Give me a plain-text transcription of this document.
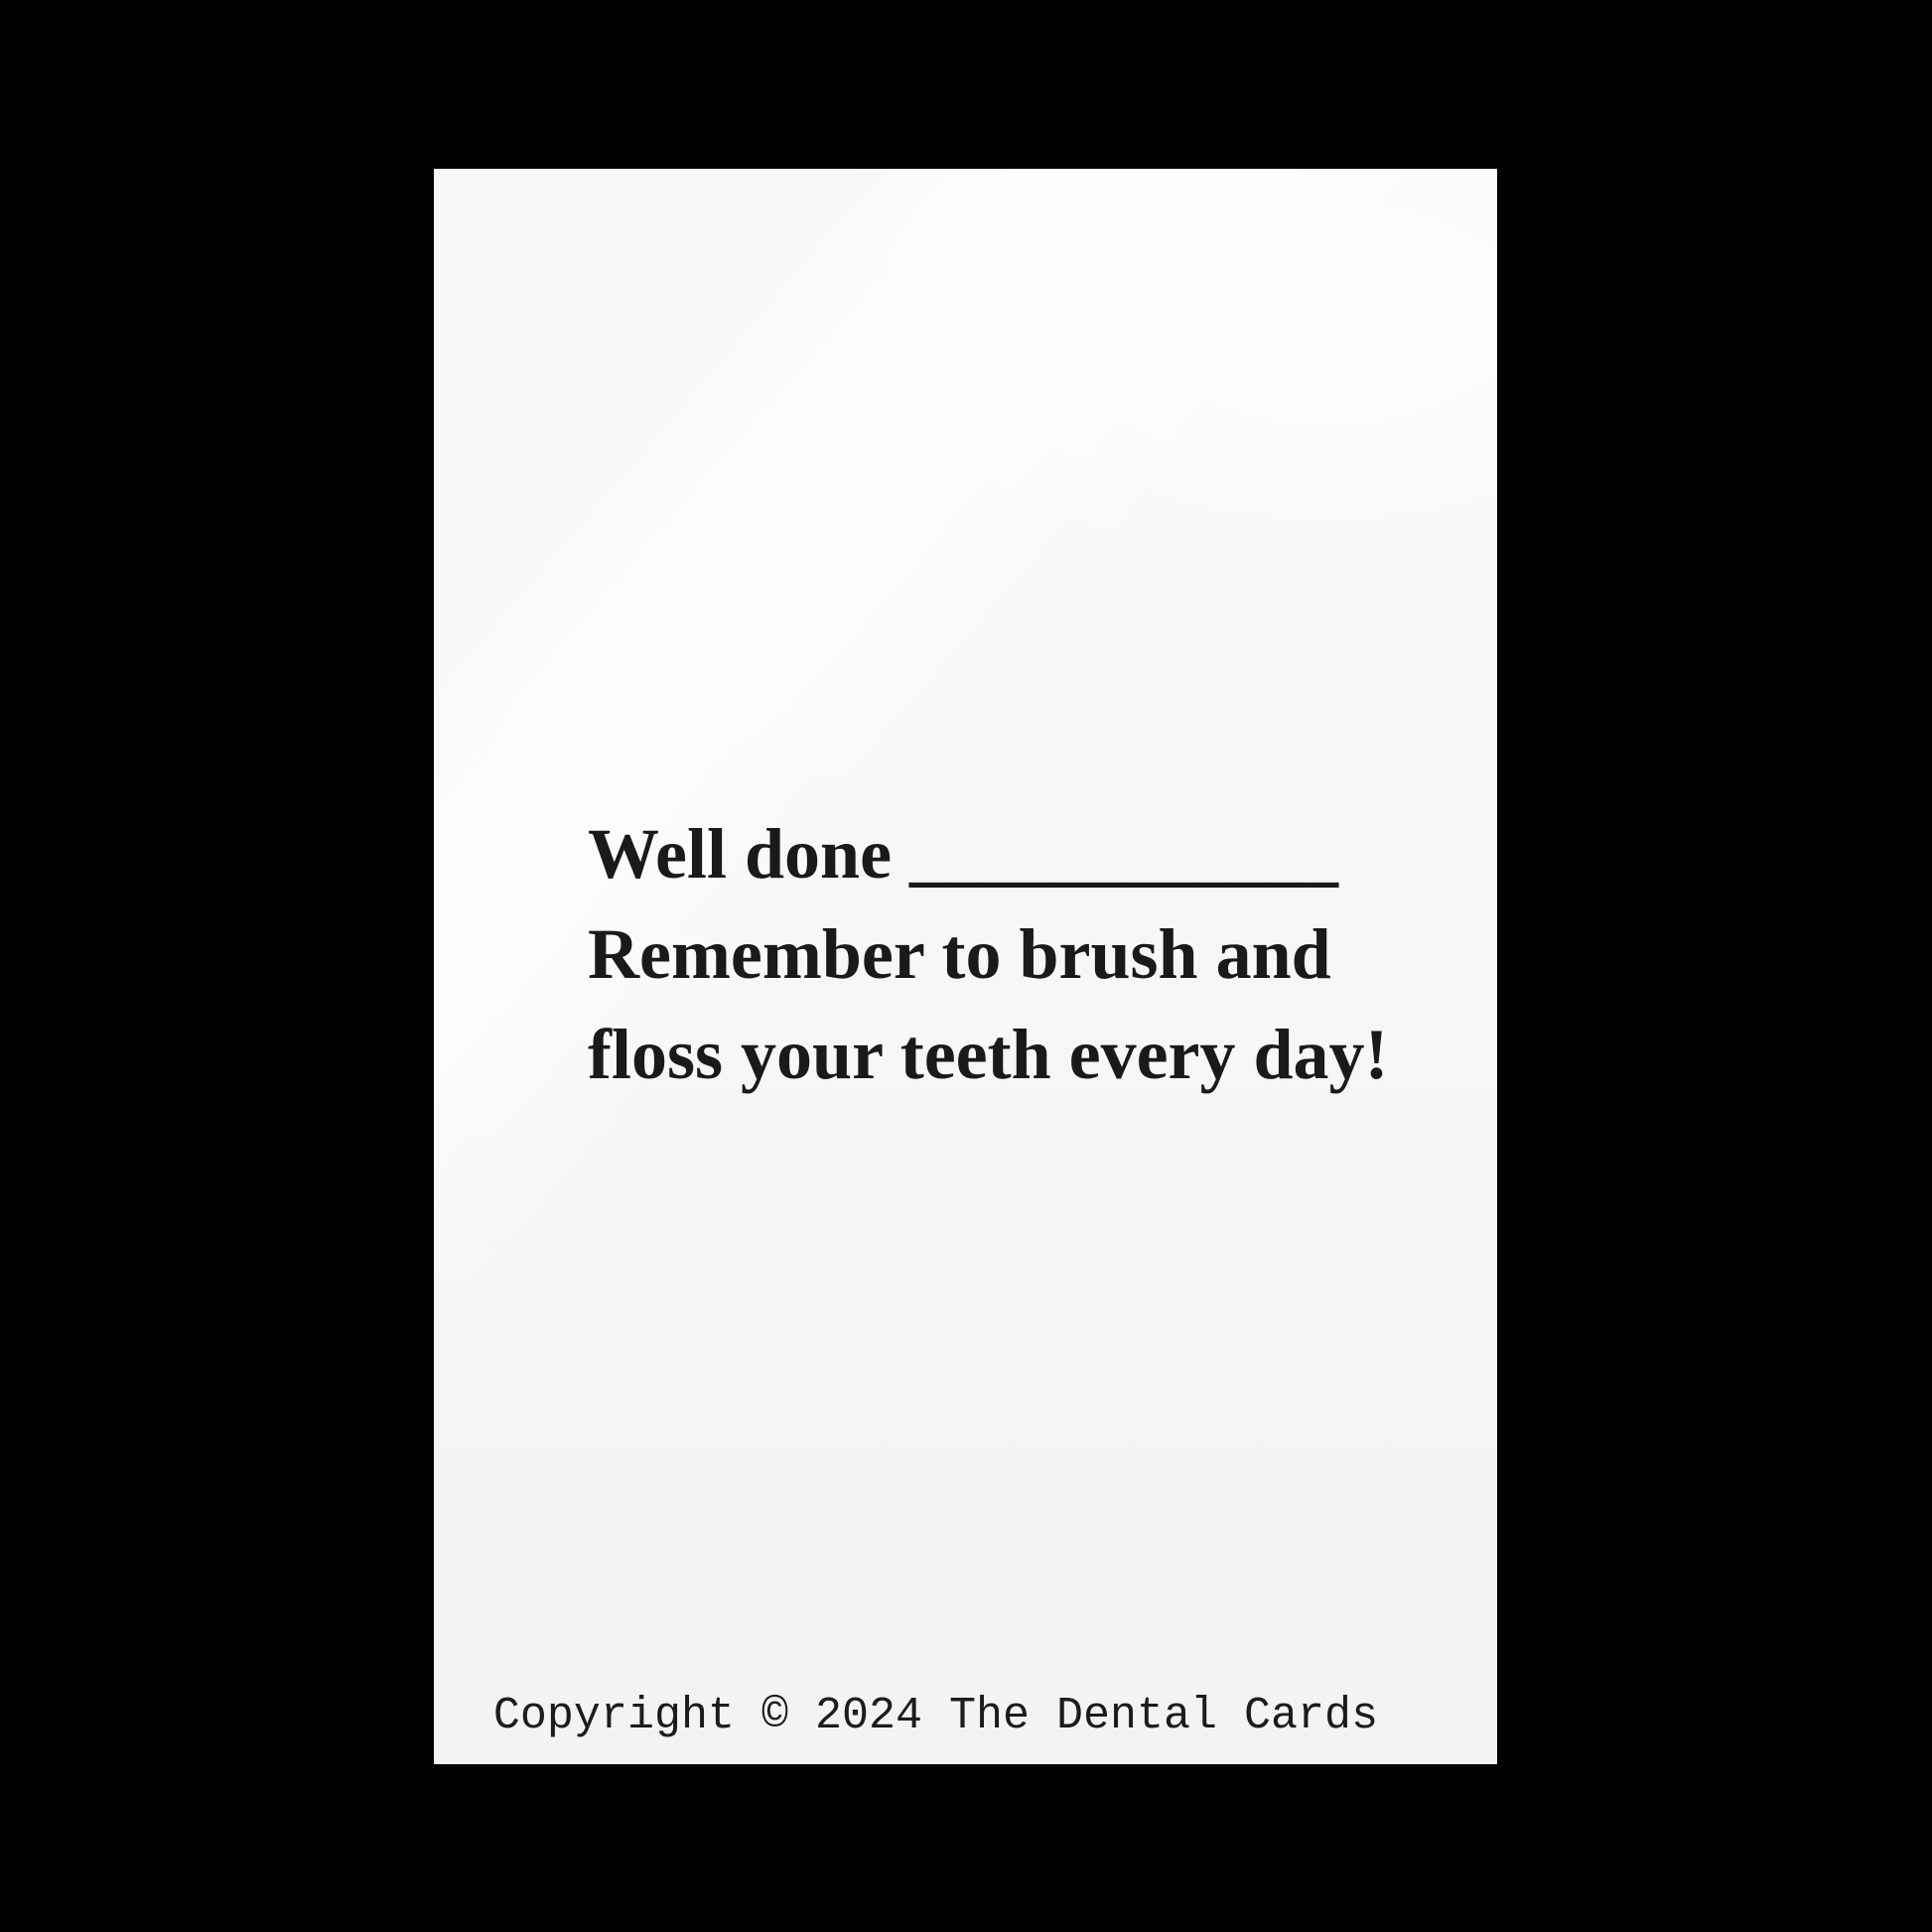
Well done ____________
Remember to brush and
floss your teeth every day!
Copyright © 2024 The Dental Cards
